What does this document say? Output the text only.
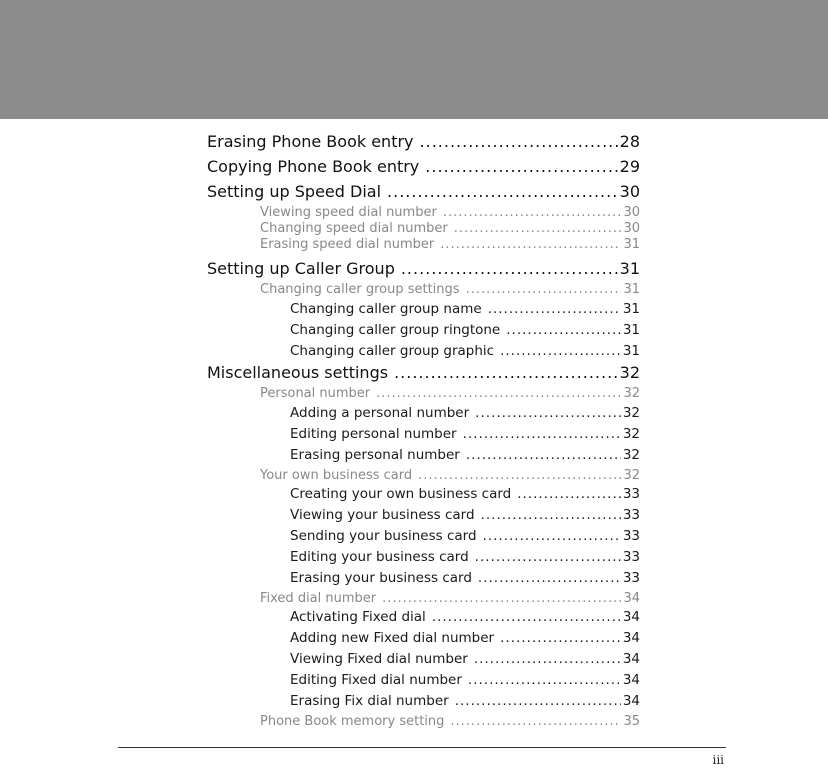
Erasing Phone Book entry .....	28
Copying Phone Book entry .....	29
Setting up Speed Dial .....	30
Viewing speed dial number .....	30
Changing speed dial number .....	30
Erasing speed dial number .....	31
Setting up Caller Group .....	31
Changing caller group settings .....	31
Changing caller group name .....	31
Changing caller group ringtone .....	31
Changing caller group graphic .....	31
Miscellaneous settings .....	32
Personal number .....	32
Adding a personal number .....	32
Editing personal number .....	32
Erasing personal number .....	32
Your own business card .....	32
Creating your own business card .....	33
Viewing your business card .....	33
Sending your business card .....	33
Editing your business card .....	33
Erasing your business card .....	33
Fixed dial number .....	34
Activating Fixed dial .....	34
Adding new Fixed dial number .....	34
Viewing Fixed dial number .....	34
Editing Fixed dial number .....	34
Erasing Fix dial number .....	34
Phone Book memory setting .....	35
iii
